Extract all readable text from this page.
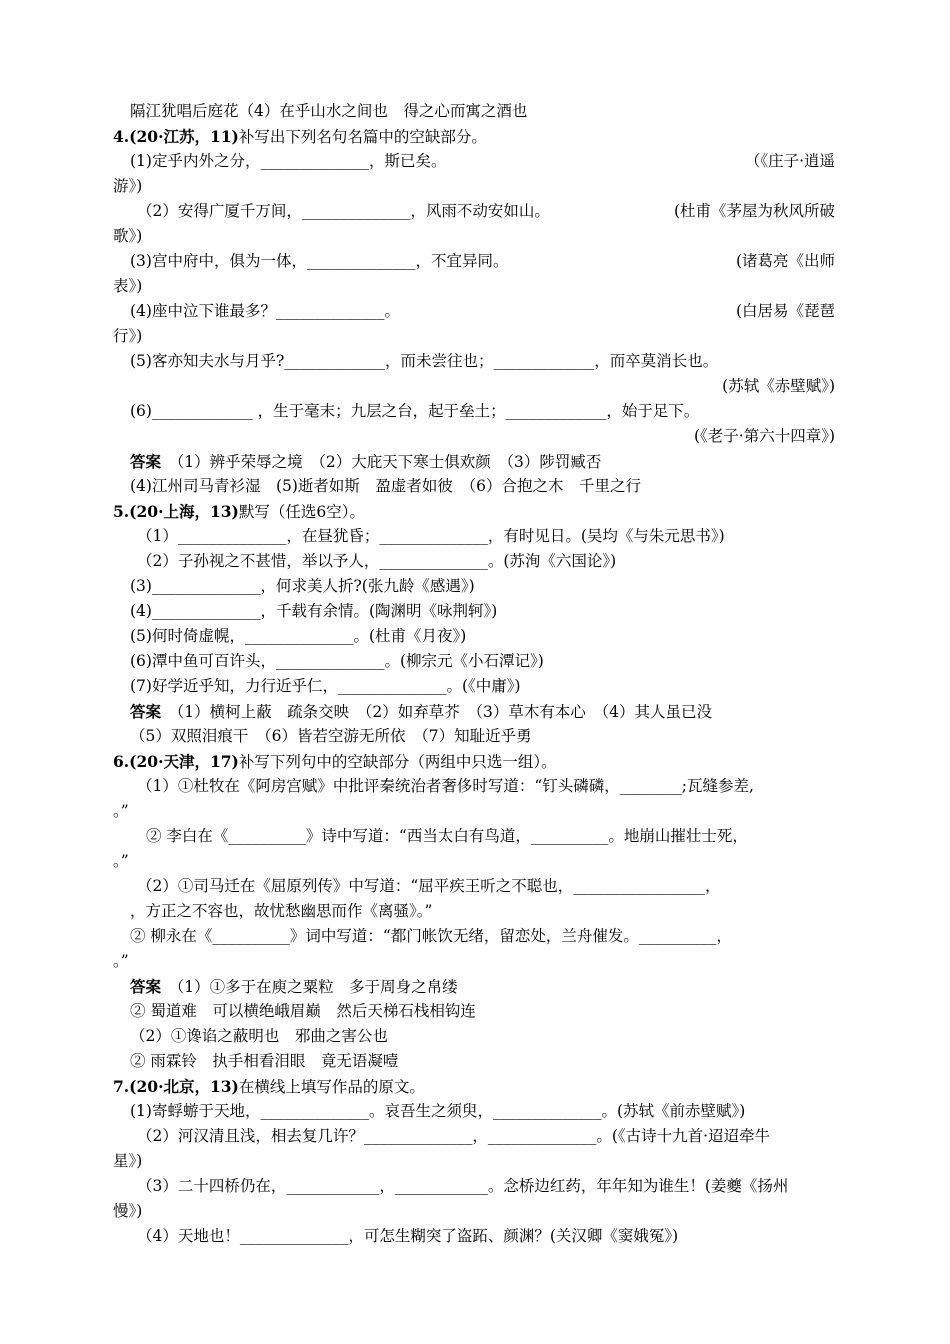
隔江犹唱后庭花（4）在乎山水之间也　得之心而寓之酒也
4.(20·江苏，11)补写出下列名句名篇中的空缺部分。
(1)定乎内外之分，______________，斯已矣。	（《庄子·逍遥
游》)
（2）安得广厦千万间，______________，风雨不动安如山。	(杜甫《茅屋为秋风所破
歌》)
(3)宫中府中，俱为一体，______________，不宜异同。	(诸葛亮《出师
表》)
(4)座中泣下谁最多？______________。	(白居易《琵琶
行》)
(5)客亦知夫水与月乎?_____________，而未尝往也；_____________，而卒莫消长也。
(苏轼《赤壁赋》)
(6)_____________ ，生于毫末；九层之台，起于垒土；_____________，始于足下。
(《老子·第六十四章》)
答案　（1）辨乎荣辱之境　（2）大庇天下寒士俱欢颜　（3）陟罚臧否
(4)江州司马青衫湿　(5)逝者如斯　盈虚者如彼　（6）合抱之木　千里之行
5.(20·上海，13)默写（任选6空）。
（1）______________，在昼犹昏；______________，有时见日。(吴均《与朱元思书》)
（2）子孙视之不甚惜，举以予人，______________。(苏洵《六国论》)
(3)______________，何求美人折?(张九龄《感遇》)
(4)______________，千载有余情。(陶渊明《咏荆轲》)
(5)何时倚虚幌，______________。(杜甫《月夜》)
(6)潭中鱼可百许头，______________。(柳宗元《小石潭记》)
(7)好学近乎知，力行近乎仁，______________。(《中庸》)
答案　（1）横柯上蔽　疏条交映　（2）如弃草芥　（3）草木有本心　（4）其人虽已没
（5）双照泪痕干　（6）皆若空游无所依　（7）知耻近乎勇
6.(20·天津，17)补写下列句中的空缺部分（两组中只选一组）。
（1）①杜牧在《阿房宫赋》中批评秦统治者奢侈时写道：“钉头磷磷，________;瓦缝参差,
。”
② 李白在《__________》诗中写道：“西当太白有鸟道，__________。地崩山摧壮士死，
。”
（2）①司马迁在《屈原列传》中写道：“屈平疾王听之不聪也，_________________，
，方正之不容也，故忧愁幽思而作《离骚》。”
② 柳永在《__________》词中写道：“都门帐饮无绪，留恋处，兰舟催发。__________，
。”
答案　（1）①多于在庾之粟粒　多于周身之帛缕
② 蜀道难　可以横绝峨眉巅　然后天梯石栈相钩连
（2）①谗谄之蔽明也　邪曲之害公也
② 雨霖铃　执手相看泪眼　竟无语凝噎
7.(20·北京，13)在横线上填写作品的原文。
(1)寄蜉蝣于天地，______________。哀吾生之须臾，______________。(苏轼《前赤壁赋》)
（2）河汉清且浅，相去复几许？______________，______________。(《古诗十九首·迢迢牵牛
星》)
（3）二十四桥仍在，____________，____________。念桥边红药，年年知为谁生！(姜夔《扬州
慢》)
（4）天地也！______________，可怎生糊突了盗跖、颜渊？(关汉卿《窦娥冤》)
